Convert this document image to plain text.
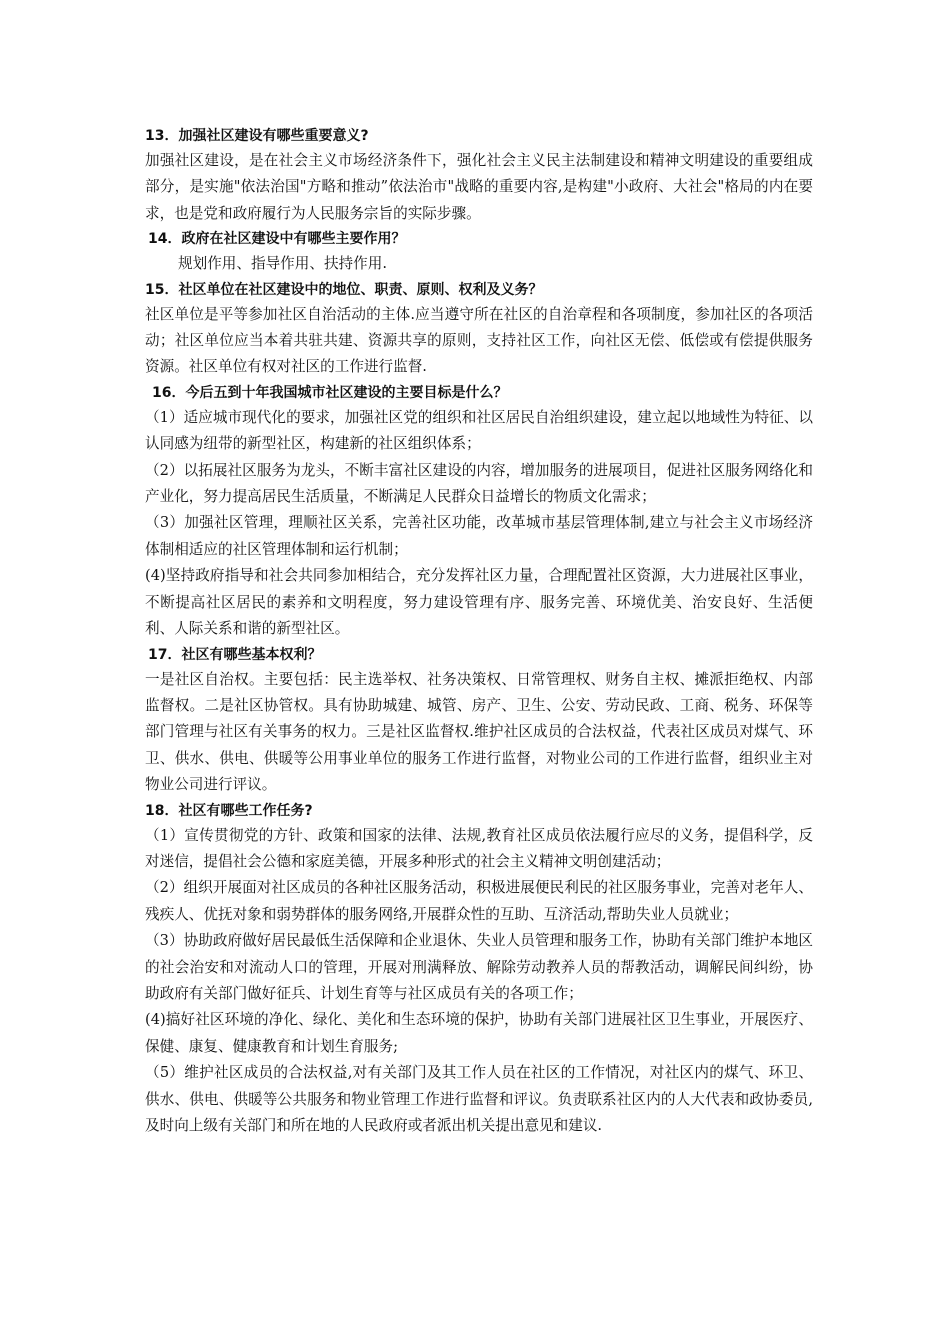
13．加强社区建设有哪些重要意义?
加强社区建设，是在社会主义市场经济条件下，强化社会主义民主法制建设和精神文明建设的重要组成部分，是实施"依法治国"方略和推动”依法治市"战略的重要内容,是构建"小政府、大社会"格局的内在要求，也是党和政府履行为人民服务宗旨的实际步骤。
14．政府在社区建设中有哪些主要作用？
规划作用、指导作用、扶持作用.
15．社区单位在社区建设中的地位、职责、原则、权利及义务？
社区单位是平等参加社区自治活动的主体.应当遵守所在社区的自治章程和各项制度，参加社区的各项活动；社区单位应当本着共驻共建、资源共享的原则，支持社区工作，向社区无偿、低偿或有偿提供服务资源。社区单位有权对社区的工作进行监督.
16．今后五到十年我国城市社区建设的主要目标是什么？
（1）适应城市现代化的要求，加强社区党的组织和社区居民自治组织建设，建立起以地域性为特征、以认同感为纽带的新型社区，构建新的社区组织体系；
（2）以拓展社区服务为龙头，不断丰富社区建设的内容，增加服务的进展项目，促进社区服务网络化和产业化，努力提高居民生活质量，不断满足人民群众日益增长的物质文化需求；
（3）加强社区管理，理顺社区关系，完善社区功能，改革城市基层管理体制,建立与社会主义市场经济体制相适应的社区管理体制和运行机制；
(4)坚持政府指导和社会共同参加相结合，充分发挥社区力量，合理配置社区资源，大力进展社区事业，不断提高社区居民的素养和文明程度，努力建设管理有序、服务完善、环境优美、治安良好、生活便利、人际关系和谐的新型社区。
17．社区有哪些基本权利？
一是社区自治权。主要包括：民主选举权、社务决策权、日常管理权、财务自主权、摊派拒绝权、内部监督权。二是社区协管权。具有协助城建、城管、房产、卫生、公安、劳动民政、工商、税务、环保等部门管理与社区有关事务的权力。三是社区监督权.维护社区成员的合法权益，代表社区成员对煤气、环卫、供水、供电、供暖等公用事业单位的服务工作进行监督，对物业公司的工作进行监督，组织业主对物业公司进行评议。
18．社区有哪些工作任务?
（1）宣传贯彻党的方针、政策和国家的法律、法规,教育社区成员依法履行应尽的义务，提倡科学，反对迷信，提倡社会公德和家庭美德，开展多种形式的社会主义精神文明创建活动；
（2）组织开展面对社区成员的各种社区服务活动，积极进展便民利民的社区服务事业，完善对老年人、残疾人、优抚对象和弱势群体的服务网络,开展群众性的互助、互济活动,帮助失业人员就业；
（3）协助政府做好居民最低生活保障和企业退休、失业人员管理和服务工作，协助有关部门维护本地区的社会治安和对流动人口的管理，开展对刑满释放、解除劳动教养人员的帮教活动，调解民间纠纷，协助政府有关部门做好征兵、计划生育等与社区成员有关的各项工作；
(4)搞好社区环境的净化、绿化、美化和生态环境的保护，协助有关部门进展社区卫生事业，开展医疗、保健、康复、健康教育和计划生育服务;
（5）维护社区成员的合法权益,对有关部门及其工作人员在社区的工作情况，对社区内的煤气、环卫、供水、供电、供暖等公共服务和物业管理工作进行监督和评议。负责联系社区内的人大代表和政协委员,及时向上级有关部门和所在地的人民政府或者派出机关提出意见和建议.
